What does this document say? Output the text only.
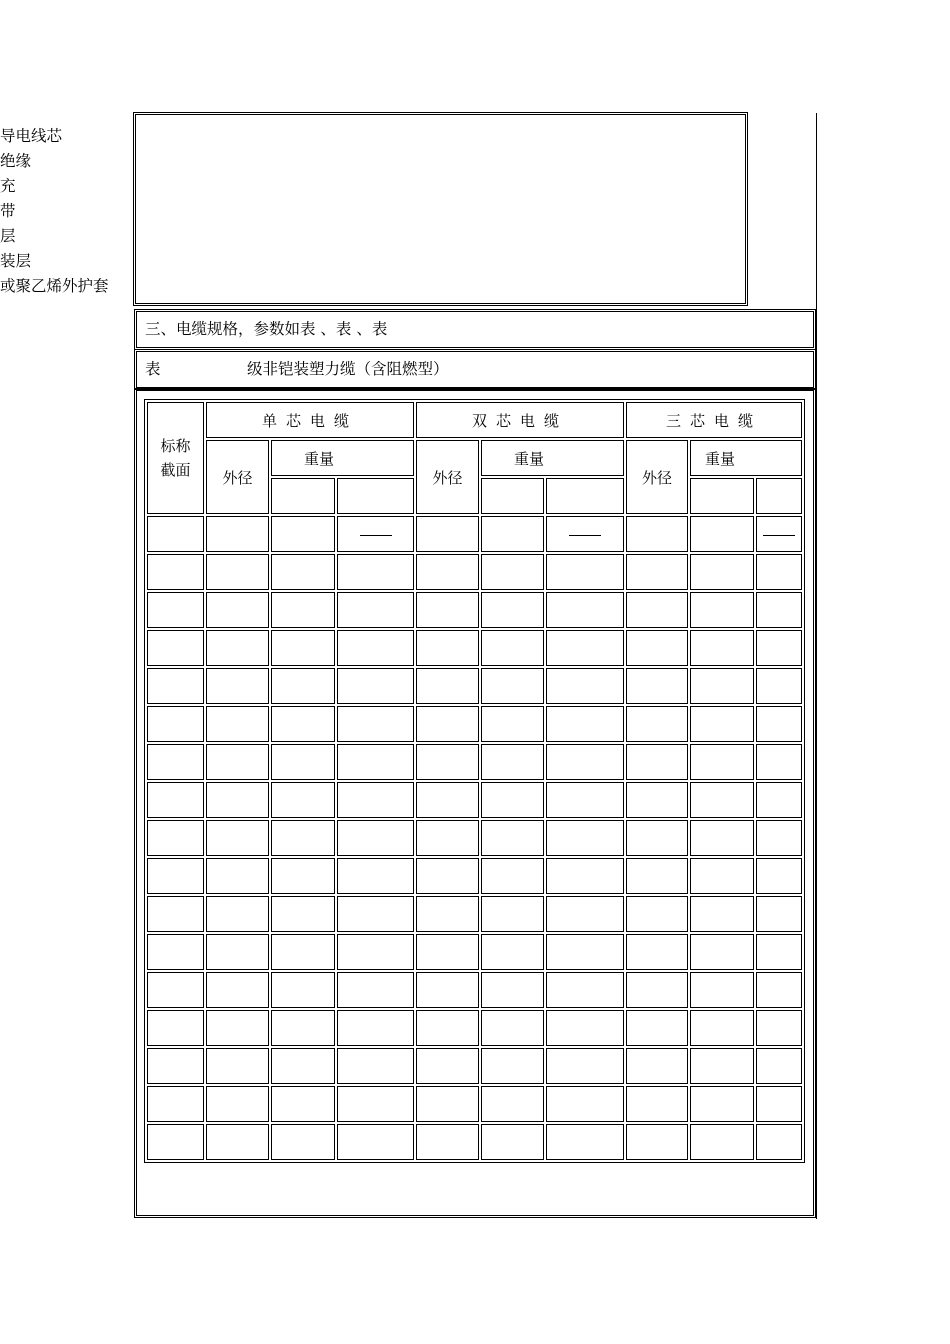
导电线芯
绝缘
充
带
层
装层
或聚乙烯外护套
三、电缆规格，参数如表 、表 、表
表	级非铠装塑力缆（含阻燃型）
标称
截面	单芯电缆			双芯电缆			三芯电缆		
	外径	重量		外径	重量		外径	重量	
